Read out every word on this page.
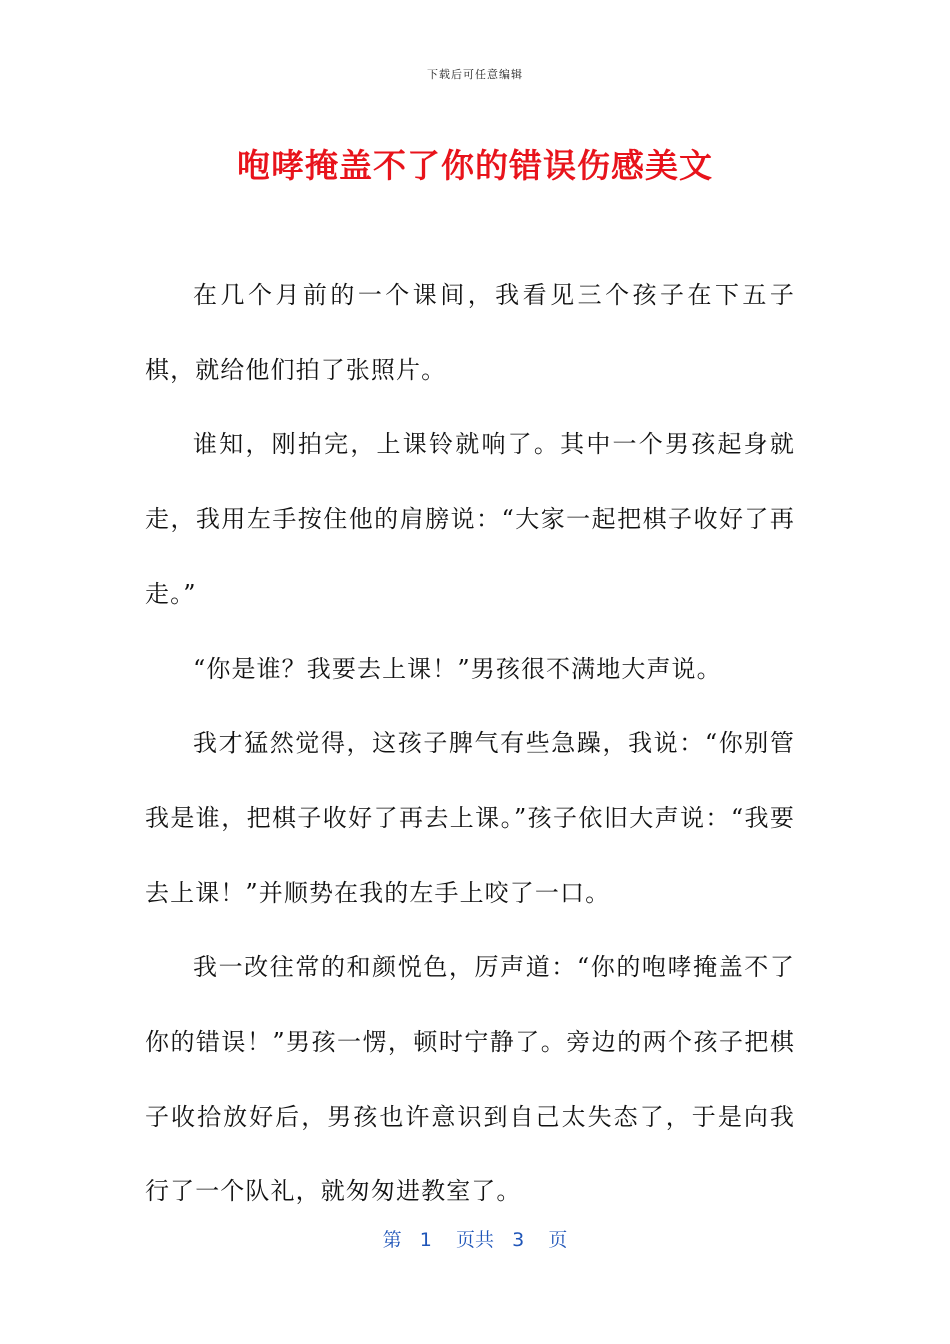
下载后可任意编辑
咆哮掩盖不了你的错误伤感美文

在几个月前的一个课间，我看见三个孩子在下五子棋，就给他们拍了张照片。

谁知，刚拍完，上课铃就响了。其中一个男孩起身就走，我用左手按住他的肩膀说：“大家一起把棋子收好了再走。”

“你是谁？我要去上课！”男孩很不满地大声说。

我才猛然觉得，这孩子脾气有些急躁，我说：“你别管我是谁，把棋子收好了再去上课。”孩子依旧大声说：“我要去上课！”并顺势在我的左手上咬了一口。

我一改往常的和颜悦色，厉声道：“你的咆哮掩盖不了你的错误！”男孩一愣，顿时宁静了。旁边的两个孩子把棋子收拾放好后，男孩也许意识到自己太失态了，于是向我行了一个队礼，就匆匆进教室了。

第 1 页共 3 页
